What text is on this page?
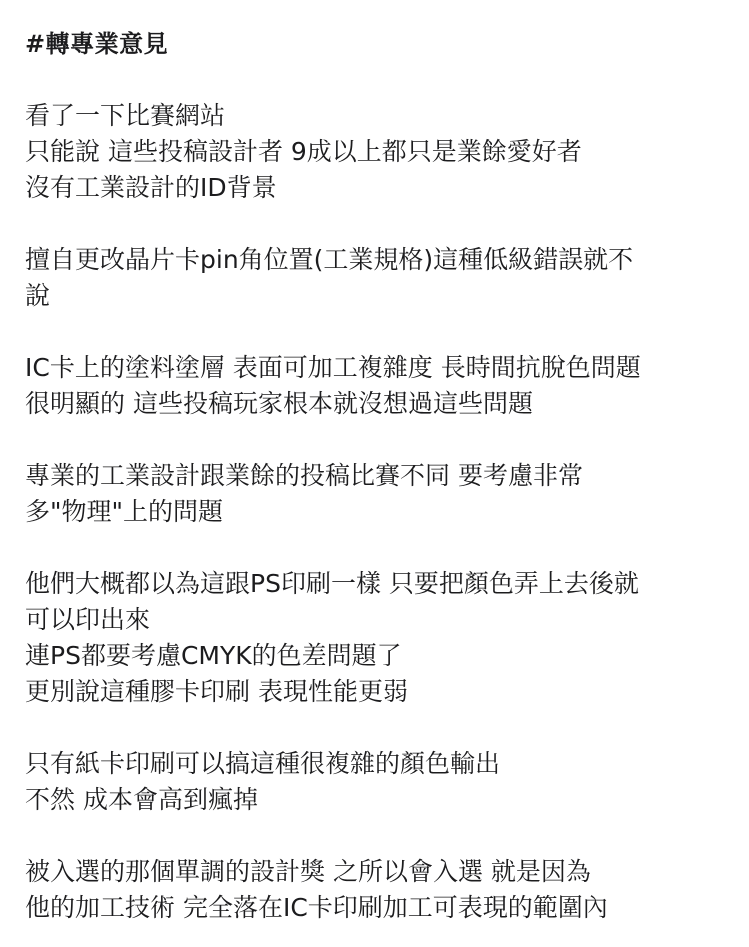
#轉專業意見
看了一下比賽網站
只能說 這些投稿設計者 9成以上都只是業餘愛好者
沒有工業設計的ID背景
擅自更改晶片卡pin角位置(工業規格)這種低級錯誤就不
說
IC卡上的塗料塗層 表面可加工複雜度 長時間抗脫色問題
很明顯的 這些投稿玩家根本就沒想過這些問題
專業的工業設計跟業餘的投稿比賽不同 要考慮非常
多"物理"上的問題
他們大概都以為這跟PS印刷一樣 只要把顏色弄上去後就
可以印出來
連PS都要考慮CMYK的色差問題了
更別說這種膠卡印刷 表現性能更弱
只有紙卡印刷可以搞這種很複雜的顏色輸出
不然 成本會高到瘋掉
被入選的那個單調的設計獎 之所以會入選 就是因為
他的加工技術 完全落在IC卡印刷加工可表現的範圍內
